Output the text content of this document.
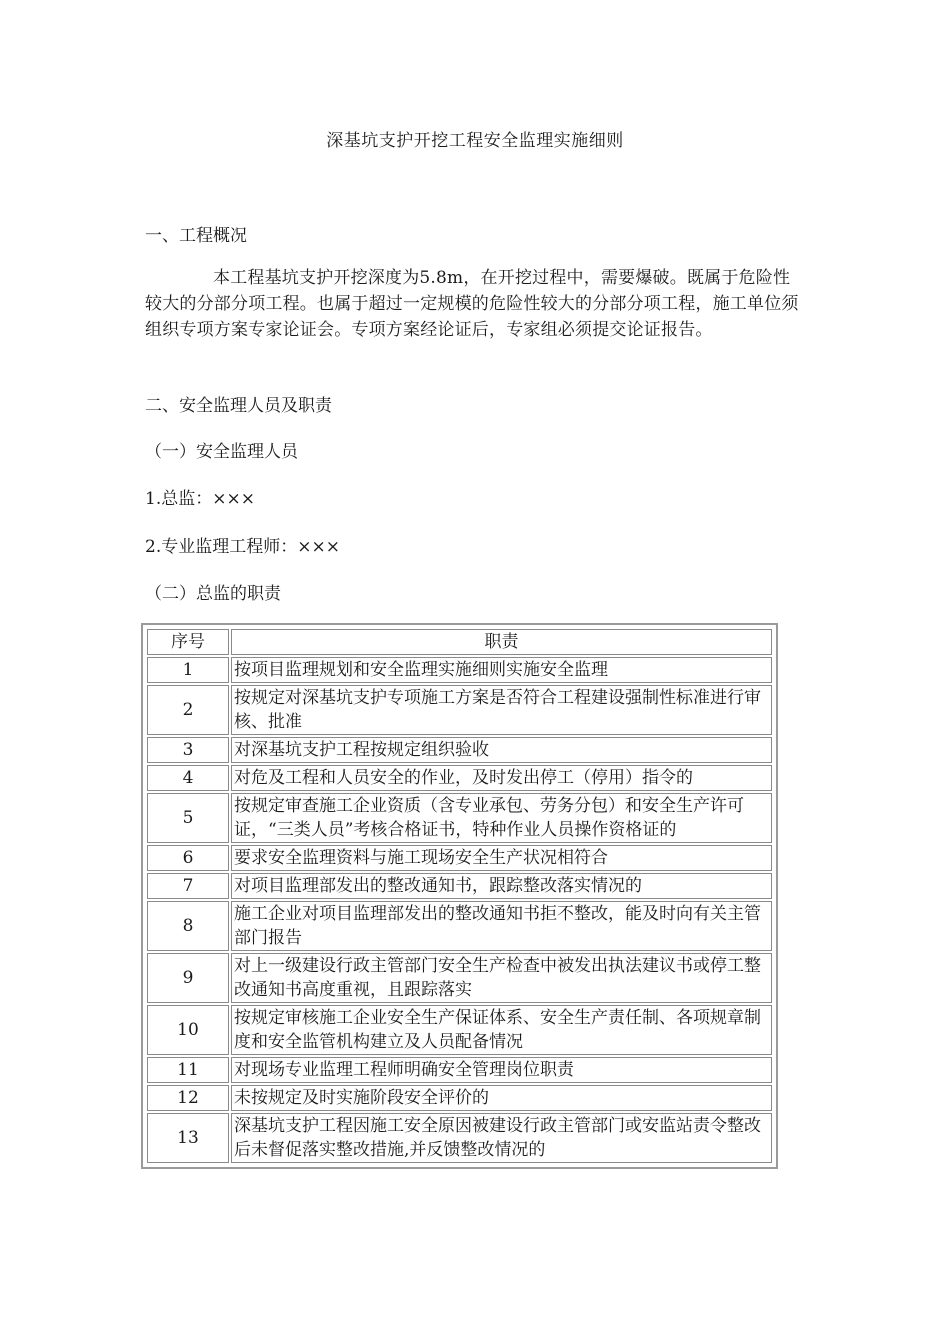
深基坑支护开挖工程安全监理实施细则
一、工程概况
本工程基坑支护开挖深度为5.8m，在开挖过程中，需要爆破。既属于危险性较大的分部分项工程。也属于超过一定规模的危险性较大的分部分项工程，施工单位须组织专项方案专家论证会。专项方案经论证后，专家组必须提交论证报告。
二、安全监理人员及职责
（一）安全监理人员
1.总监：×××
2.专业监理工程师：×××
（二）总监的职责
序号	职责
1	按项目监理规划和安全监理实施细则实施安全监理
2	按规定对深基坑支护专项施工方案是否符合工程建设强制性标准进行审核、批准
3	对深基坑支护工程按规定组织验收
4	对危及工程和人员安全的作业，及时发出停工（停用）指令的
5	按规定审查施工企业资质（含专业承包、劳务分包）和安全生产许可证，“三类人员”考核合格证书，特种作业人员操作资格证的
6	要求安全监理资料与施工现场安全生产状况相符合
7	对项目监理部发出的整改通知书，跟踪整改落实情况的
8	施工企业对项目监理部发出的整改通知书拒不整改，能及时向有关主管部门报告
9	对上一级建设行政主管部门安全生产检查中被发出执法建议书或停工整改通知书高度重视，且跟踪落实
10	按规定审核施工企业安全生产保证体系、安全生产责任制、各项规章制度和安全监管机构建立及人员配备情况
11	对现场专业监理工程师明确安全管理岗位职责
12	未按规定及时实施阶段安全评价的
13	深基坑支护工程因施工安全原因被建设行政主管部门或安监站责令整改后未督促落实整改措施,并反馈整改情况的
